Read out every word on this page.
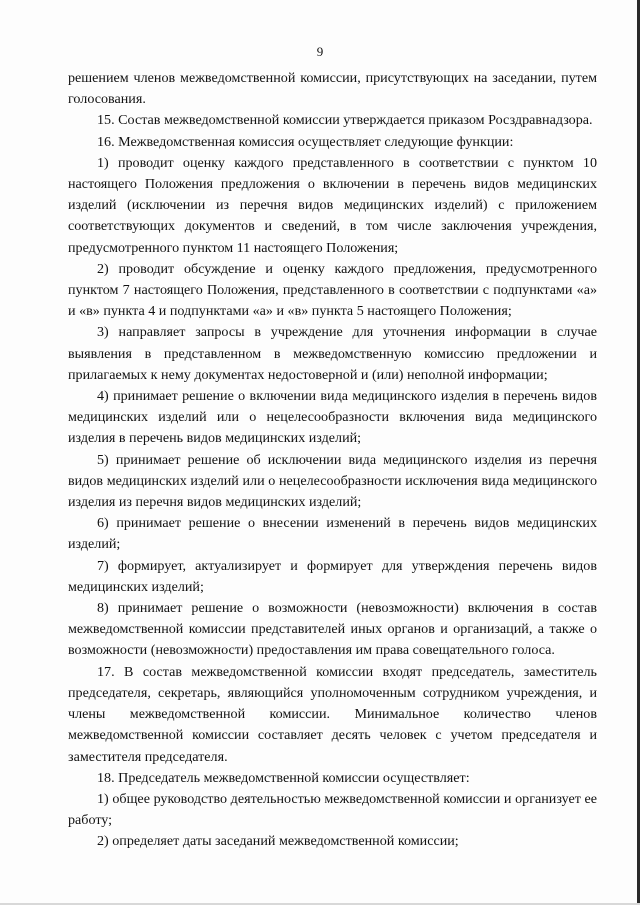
9

решением членов межведомственной комиссии, присутствующих на заседании, путем голосования.

15. Состав межведомственной комиссии утверждается приказом Росздравнадзора.

16. Межведомственная комиссия осуществляет следующие функции:

1) проводит оценку каждого представленного в соответствии с пунктом 10 настоящего Положения предложения о включении в перечень видов медицинских изделий (исключении из перечня видов медицинских изделий) с приложением соответствующих документов и сведений, в том числе заключения учреждения, предусмотренного пунктом 11 настоящего Положения;

2) проводит обсуждение и оценку каждого предложения, предусмотренного пунктом 7 настоящего Положения, представленного в соответствии с подпунктами «а» и «в» пункта 4 и подпунктами «а» и «в» пункта 5 настоящего Положения;

3) направляет запросы в учреждение для уточнения информации в случае выявления в представленном в межведомственную комиссию предложении и прилагаемых к нему документах недостоверной и (или) неполной информации;

4) принимает решение о включении вида медицинского изделия в перечень видов медицинских изделий или о нецелесообразности включения вида медицинского изделия в перечень видов медицинских изделий;

5) принимает решение об исключении вида медицинского изделия из перечня видов медицинских изделий или о нецелесообразности исключения вида медицинского изделия из перечня видов медицинских изделий;

6) принимает решение о внесении изменений в перечень видов медицинских изделий;

7) формирует, актуализирует и формирует для утверждения перечень видов медицинских изделий;

8) принимает решение о возможности (невозможности) включения в состав межведомственной комиссии представителей иных органов и организаций, а также о возможности (невозможности) предоставления им права совещательного голоса.

17. В состав межведомственной комиссии входят председатель, заместитель председателя, секретарь, являющийся уполномоченным сотрудником учреждения, и члены межведомственной комиссии. Минимальное количество членов межведомственной комиссии составляет десять человек с учетом председателя и заместителя председателя.

18. Председатель межведомственной комиссии осуществляет:

1) общее руководство деятельностью межведомственной комиссии и организует ее работу;

2) определяет даты заседаний межведомственной комиссии;
